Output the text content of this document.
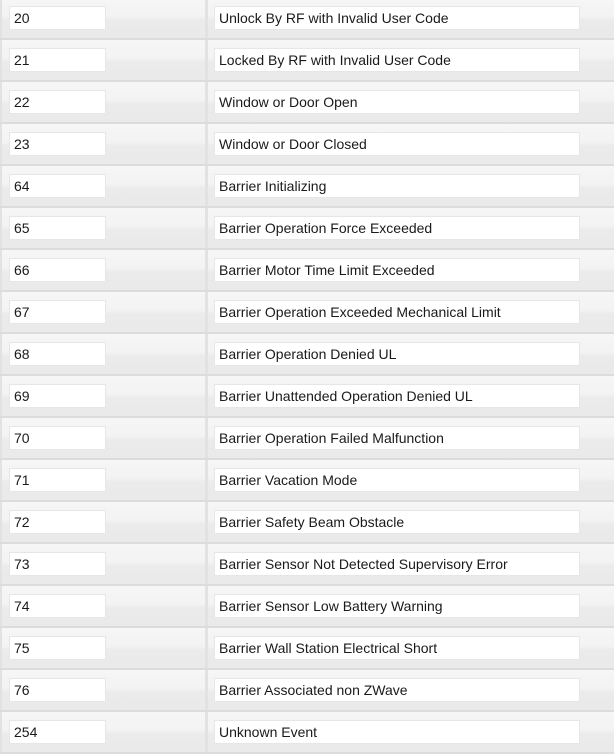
20	Unlock By RF with Invalid User Code
21	Locked By RF with Invalid User Code
22	Window or Door Open
23	Window or Door Closed
64	Barrier Initializing
65	Barrier Operation Force Exceeded
66	Barrier Motor Time Limit Exceeded
67	Barrier Operation Exceeded Mechanical Limit
68	Barrier Operation Denied UL
69	Barrier Unattended Operation Denied UL
70	Barrier Operation Failed Malfunction
71	Barrier Vacation Mode
72	Barrier Safety Beam Obstacle
73	Barrier Sensor Not Detected Supervisory Error
74	Barrier Sensor Low Battery Warning
75	Barrier Wall Station Electrical Short
76	Barrier Associated non ZWave
254	Unknown Event
